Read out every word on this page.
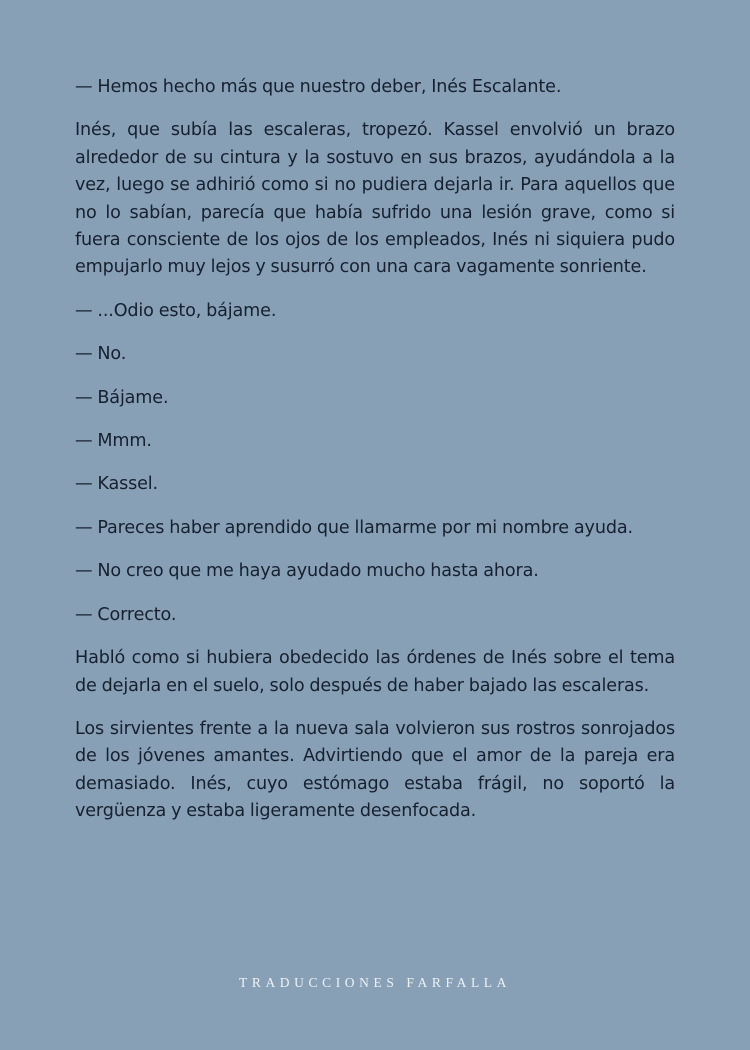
— Hemos hecho más que nuestro deber, Inés Escalante.

Inés, que subía las escaleras, tropezó. Kassel envolvió un brazo alrededor de su cintura y la sostuvo en sus brazos, ayudándola a la vez, luego se adhirió como si no pudiera dejarla ir. Para aquellos que no lo sabían, parecía que había sufrido una lesión grave, como si fuera consciente de los ojos de los empleados, Inés ni siquiera pudo empujarlo muy lejos y susurró con una cara vagamente sonriente.

— ...Odio esto, bájame.

— No.

— Bájame.

— Mmm.

— Kassel.

— Pareces haber aprendido que llamarme por mi nombre ayuda.

— No creo que me haya ayudado mucho hasta ahora.

— Correcto.

Habló como si hubiera obedecido las órdenes de Inés sobre el tema de dejarla en el suelo, solo después de haber bajado las escaleras.

Los sirvientes frente a la nueva sala volvieron sus rostros sonrojados de los jóvenes amantes. Advirtiendo que el amor de la pareja era demasiado. Inés, cuyo estómago estaba frágil, no soportó la vergüenza y estaba ligeramente desenfocada.

TRADUCCIONES FARFALLA
